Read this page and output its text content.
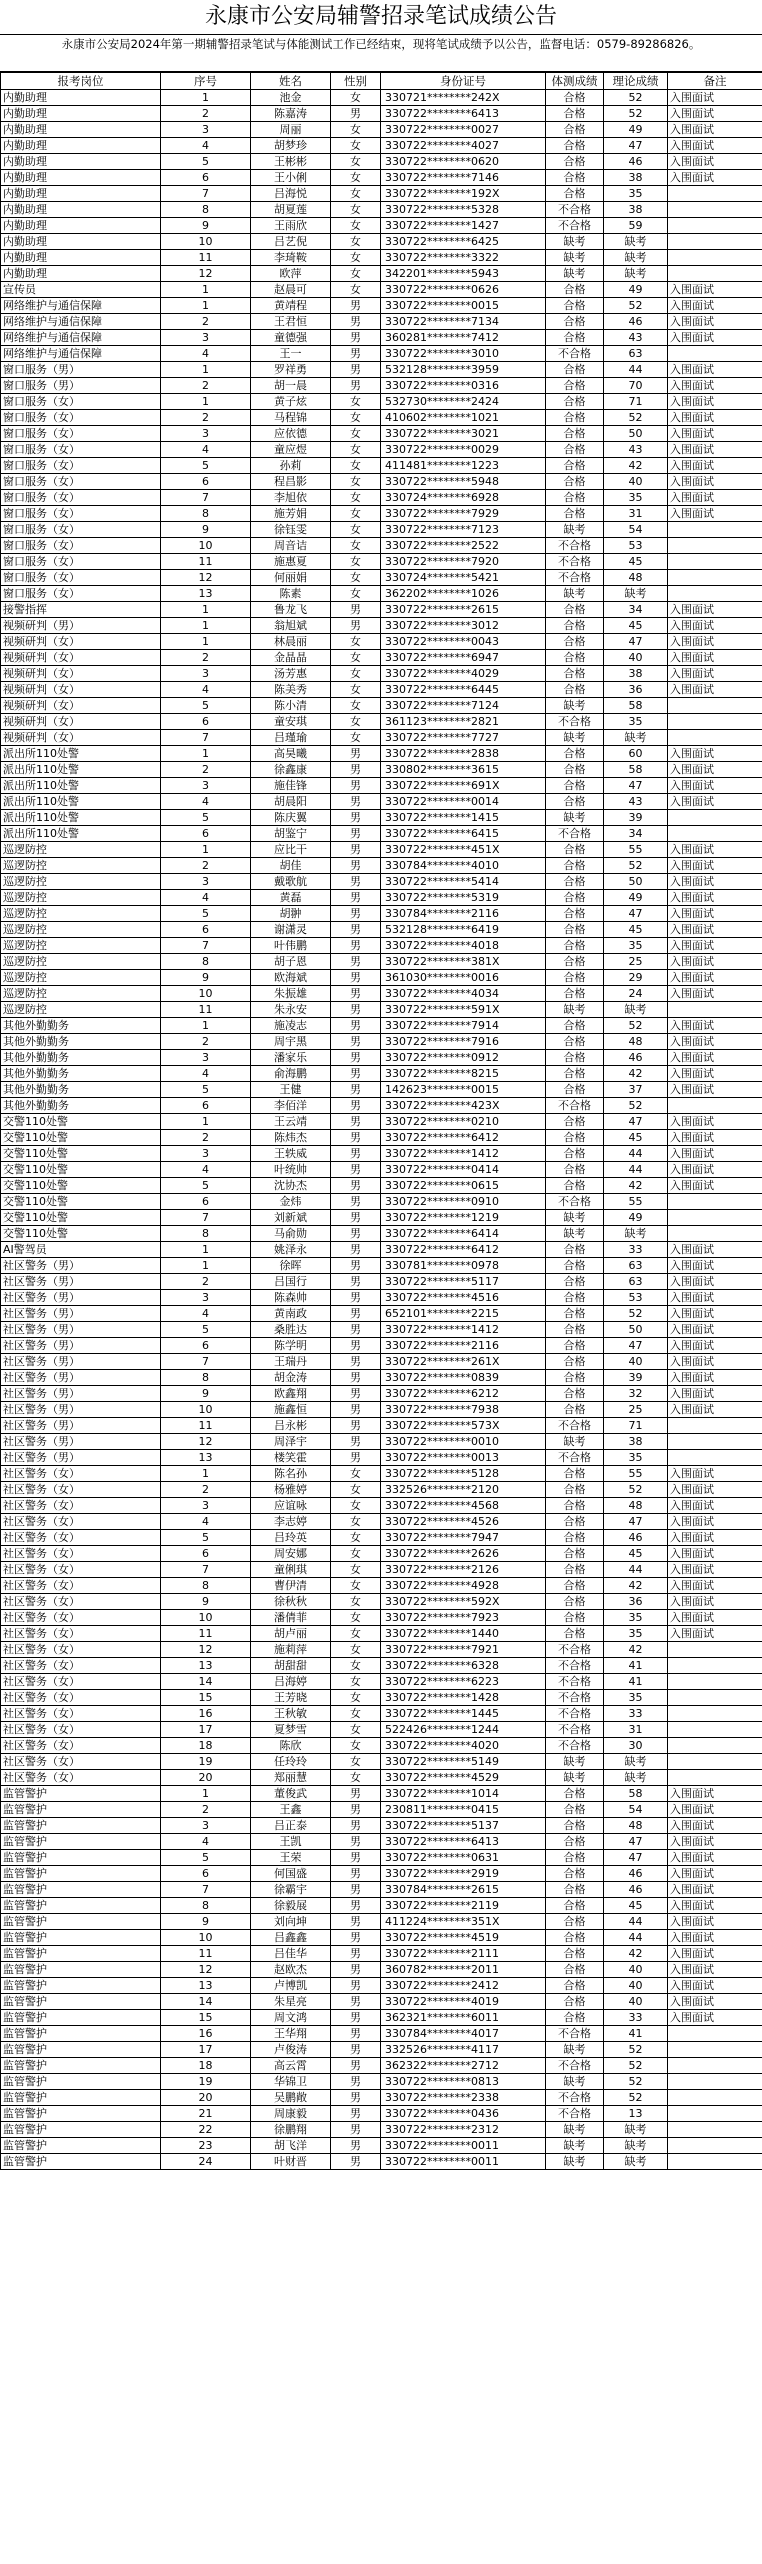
永康市公安局辅警招录笔试成绩公告
永康市公安局2024年第一期辅警招录笔试与体能测试工作已经结束，现将笔试成绩予以公告，监督电话：0579-89286826。
报考岗位	序号	姓名	性别	身份证号	体测成绩	理论成绩	备注
内勤助理	1	池金	女	330721********242X	合格	52	入围面试
内勤助理	2	陈嘉涛	男	330722********6413	合格	52	入围面试
内勤助理	3	周丽	女	330722********0027	合格	49	入围面试
内勤助理	4	胡梦珍	女	330722********4027	合格	47	入围面试
内勤助理	5	王彬彬	女	330722********0620	合格	46	入围面试
内勤助理	6	王小俐	女	330722********7146	合格	38	入围面试
内勤助理	7	吕海悦	女	330722********192X	合格	35	
内勤助理	8	胡夏莲	女	330722********5328	不合格	38	
内勤助理	9	王雨欣	女	330722********1427	不合格	59	
内勤助理	10	吕艺倪	女	330722********6425	缺考	缺考	
内勤助理	11	李琦鞍	女	330722********3322	缺考	缺考	
内勤助理	12	欧萍	女	342201********5943	缺考	缺考	
宣传员	1	赵晨可	女	330722********0626	合格	49	入围面试
网络维护与通信保障	1	黄靖程	男	330722********0015	合格	52	入围面试
网络维护与通信保障	2	王君恒	男	330722********7134	合格	46	入围面试
网络维护与通信保障	3	童德强	男	360281********7412	合格	43	入围面试
网络维护与通信保障	4	王一	男	330722********3010	不合格	63	
窗口服务（男）	1	罗祥勇	男	532128********3959	合格	44	入围面试
窗口服务（男）	2	胡一晨	男	330722********0316	合格	70	入围面试
窗口服务（女）	1	黄子炫	女	532730********2424	合格	71	入围面试
窗口服务（女）	2	马程锦	女	410602********1021	合格	52	入围面试
窗口服务（女）	3	应依德	女	330722********3021	合格	50	入围面试
窗口服务（女）	4	童应煜	女	330722********0029	合格	43	入围面试
窗口服务（女）	5	孙莉	女	411481********1223	合格	42	入围面试
窗口服务（女）	6	程昌影	女	330722********5948	合格	40	入围面试
窗口服务（女）	7	李旭依	女	330724********6928	合格	35	入围面试
窗口服务（女）	8	施芳娟	女	330722********7929	合格	31	入围面试
窗口服务（女）	9	徐钰雯	女	330722********7123	缺考	54	
窗口服务（女）	10	周音诘	女	330722********2522	不合格	53	
窗口服务（女）	11	施惠夏	女	330722********7920	不合格	45	
窗口服务（女）	12	何丽娟	女	330724********5421	不合格	48	
窗口服务（女）	13	陈素	女	362202********1026	缺考	缺考	
接警指挥	1	鲁龙飞	男	330722********2615	合格	34	入围面试
视频研判（男）	1	翁旭斌	男	330722********3012	合格	45	入围面试
视频研判（女）	1	林晨丽	女	330722********0043	合格	47	入围面试
视频研判（女）	2	金晶晶	女	330722********6947	合格	40	入围面试
视频研判（女）	3	汤芳惠	女	330722********4029	合格	38	入围面试
视频研判（女）	4	陈美秀	女	330722********6445	合格	36	入围面试
视频研判（女）	5	陈小清	女	330722********7124	缺考	58	
视频研判（女）	6	童安琪	女	361123********2821	不合格	35	
视频研判（女）	7	吕瑾瑜	女	330722********7727	缺考	缺考	
派出所110处警	1	高昊曦	男	330722********2838	合格	60	入围面试
派出所110处警	2	徐鑫康	男	330802********3615	合格	58	入围面试
派出所110处警	3	施佳锋	男	330722********691X	合格	47	入围面试
派出所110处警	4	胡晨阳	男	330722********0014	合格	43	入围面试
派出所110处警	5	陈庆翼	男	330722********1415	缺考	39	
派出所110处警	6	胡鉴宁	男	330722********6415	不合格	34	
巡逻防控	1	应比干	男	330722********451X	合格	55	入围面试
巡逻防控	2	胡佳	男	330784********4010	合格	52	入围面试
巡逻防控	3	戴歌航	男	330722********5414	合格	50	入围面试
巡逻防控	4	黄磊	男	330722********5319	合格	49	入围面试
巡逻防控	5	胡翀	男	330784********2116	合格	47	入围面试
巡逻防控	6	谢潇灵	男	532128********6419	合格	45	入围面试
巡逻防控	7	叶伟鹏	男	330722********4018	合格	35	入围面试
巡逻防控	8	胡子恩	男	330722********381X	合格	25	入围面试
巡逻防控	9	欧海斌	男	361030********0016	合格	29	入围面试
巡逻防控	10	朱振雄	男	330722********4034	合格	24	入围面试
巡逻防控	11	朱永安	男	330722********591X	缺考	缺考	
其他外勤勤务	1	施凌志	男	330722********7914	合格	52	入围面试
其他外勤勤务	2	周宇黑	男	330722********7916	合格	48	入围面试
其他外勤勤务	3	潘家乐	男	330722********0912	合格	46	入围面试
其他外勤勤务	4	俞海鹏	男	330722********8215	合格	42	入围面试
其他外勤勤务	5	王健	男	142623********0015	合格	37	入围面试
其他外勤勤务	6	李佰洋	男	330722********423X	不合格	52	
交警110处警	1	王云靖	男	330722********0210	合格	47	入围面试
交警110处警	2	陈炜杰	男	330722********6412	合格	45	入围面试
交警110处警	3	王轶威	男	330722********1412	合格	44	入围面试
交警110处警	4	叶统帅	男	330722********0414	合格	44	入围面试
交警110处警	5	沈协杰	男	330722********0615	合格	42	入围面试
交警110处警	6	金炜	男	330722********0910	不合格	55	
交警110处警	7	刘新斌	男	330722********1219	缺考	49	
交警110处警	8	马俞勋	男	330722********6414	缺考	缺考	
AI警驾员	1	姚泽永	男	330722********6412	合格	33	入围面试
社区警务（男）	1	徐晖	男	330781********0978	合格	63	入围面试
社区警务（男）	2	吕国行	男	330722********5117	合格	63	入围面试
社区警务（男）	3	陈森帅	男	330722********4516	合格	53	入围面试
社区警务（男）	4	黄南政	男	652101********2215	合格	52	入围面试
社区警务（男）	5	桑胜达	男	330722********1412	合格	50	入围面试
社区警务（男）	6	陈学明	男	330722********2116	合格	47	入围面试
社区警务（男）	7	王瑞丹	男	330722********261X	合格	40	入围面试
社区警务（男）	8	胡金涛	男	330722********0839	合格	39	入围面试
社区警务（男）	9	欧鑫翔	男	330722********6212	合格	32	入围面试
社区警务（男）	10	施鑫恒	男	330722********7938	合格	25	入围面试
社区警务（男）	11	吕永彬	男	330722********573X	不合格	71	
社区警务（男）	12	周泽宇	男	330722********0010	缺考	38	
社区警务（男）	13	楼笑霍	男	330722********0013	不合格	35	
社区警务（女）	1	陈名孙	女	330722********5128	合格	55	入围面试
社区警务（女）	2	杨雅婷	女	332526********2120	合格	52	入围面试
社区警务（女）	3	应谊咏	女	330722********4568	合格	48	入围面试
社区警务（女）	4	李志婷	女	330722********4526	合格	47	入围面试
社区警务（女）	5	吕玲英	女	330722********7947	合格	46	入围面试
社区警务（女）	6	周安娜	女	330722********2626	合格	45	入围面试
社区警务（女）	7	童俐琪	女	330722********2126	合格	44	入围面试
社区警务（女）	8	曹伊清	女	330722********4928	合格	42	入围面试
社区警务（女）	9	徐秋秋	女	330722********592X	合格	36	入围面试
社区警务（女）	10	潘倩菲	女	330722********7923	合格	35	入围面试
社区警务（女）	11	胡卢丽	女	330722********1440	合格	35	入围面试
社区警务（女）	12	施莉萍	女	330722********7921	不合格	42	
社区警务（女）	13	胡甜甜	女	330722********6328	不合格	41	
社区警务（女）	14	吕海婷	女	330722********6223	不合格	41	
社区警务（女）	15	王芳晓	女	330722********1428	不合格	35	
社区警务（女）	16	王秋敏	女	330722********1445	不合格	33	
社区警务（女）	17	夏梦雪	女	522426********1244	不合格	31	
社区警务（女）	18	陈欣	女	330722********4020	不合格	30	
社区警务（女）	19	任玲玲	女	330722********5149	缺考	缺考	
社区警务（女）	20	郑丽慧	女	330722********4529	缺考	缺考	
监管警护	1	董俊武	男	330722********1014	合格	58	入围面试
监管警护	2	王鑫	男	230811********0415	合格	54	入围面试
监管警护	3	吕正泰	男	330722********5137	合格	48	入围面试
监管警护	4	王凯	男	330722********6413	合格	47	入围面试
监管警护	5	王荣	男	330722********0631	合格	47	入围面试
监管警护	6	何国盛	男	330722********2919	合格	46	入围面试
监管警护	7	徐霸宇	男	330784********2615	合格	46	入围面试
监管警护	8	徐毅展	男	330722********2119	合格	45	入围面试
监管警护	9	刘向坤	男	411224********351X	合格	44	入围面试
监管警护	10	吕鑫鑫	男	330722********4519	合格	44	入围面试
监管警护	11	吕佳华	男	330722********2111	合格	42	入围面试
监管警护	12	赵欧杰	男	360782********2011	合格	40	入围面试
监管警护	13	卢博凯	男	330722********2412	合格	40	入围面试
监管警护	14	朱星亮	男	330722********4019	合格	40	入围面试
监管警护	15	周文鸿	男	362321********6011	合格	33	入围面试
监管警护	16	王华翔	男	330784********4017	不合格	41	
监管警护	17	卢俊涛	男	332526********4117	缺考	52	
监管警护	18	高云霄	男	362322********2712	不合格	52	
监管警护	19	华锦卫	男	330722********0813	缺考	52	
监管警护	20	吴鹏敞	男	330722********2338	不合格	52	
监管警护	21	周康毅	男	330722********0436	不合格	13	
监管警护	22	徐鹏翔	男	330722********2312	缺考	缺考	
监管警护	23	胡飞洋	男	330722********0011	缺考	缺考	
监管警护	24	叶财晋	男	330722********0011	缺考	缺考	
